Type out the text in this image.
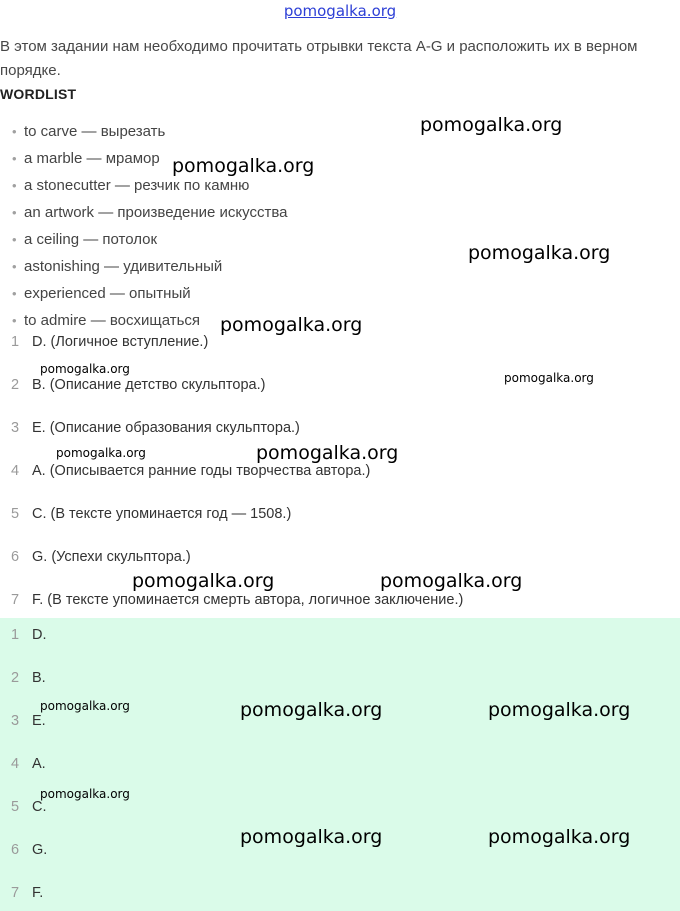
pomogalka.org
В этом задании нам необходимо прочитать отрывки текста A-G и расположить их в верном порядке.
WORDLIST
• to carve — вырезать
• a marble — мрамор
• a stonecutter — резчик по камню
• an artwork — произведение искусства
• a ceiling — потолок
• astonishing — удивительный
• experienced — опытный
• to admire — восхищаться
1 D. (Логичное вступление.)
2 B. (Описание детство скульптора.)
3 E. (Описание образования скульптора.)
4 A. (Описывается ранние годы творчества автора.)
5 C. (В тексте упоминается год — 1508.)
6 G. (Успехи скульптора.)
7 F. (В тексте упоминается смерть автора, логичное заключение.)
1 D.
2 B.
3 E.
4 A.
5 C.
6 G.
7 F.
pomogalka.org
pomogalka.org
pomogalka.org
pomogalka.org
pomogalka.org
pomogalka.org
pomogalka.org
pomogalka.org
pomogalka.org	pomogalka.org
pomogalka.org	pomogalka.org	pomogalka.org
pomogalka.org
pomogalka.org	pomogalka.org
